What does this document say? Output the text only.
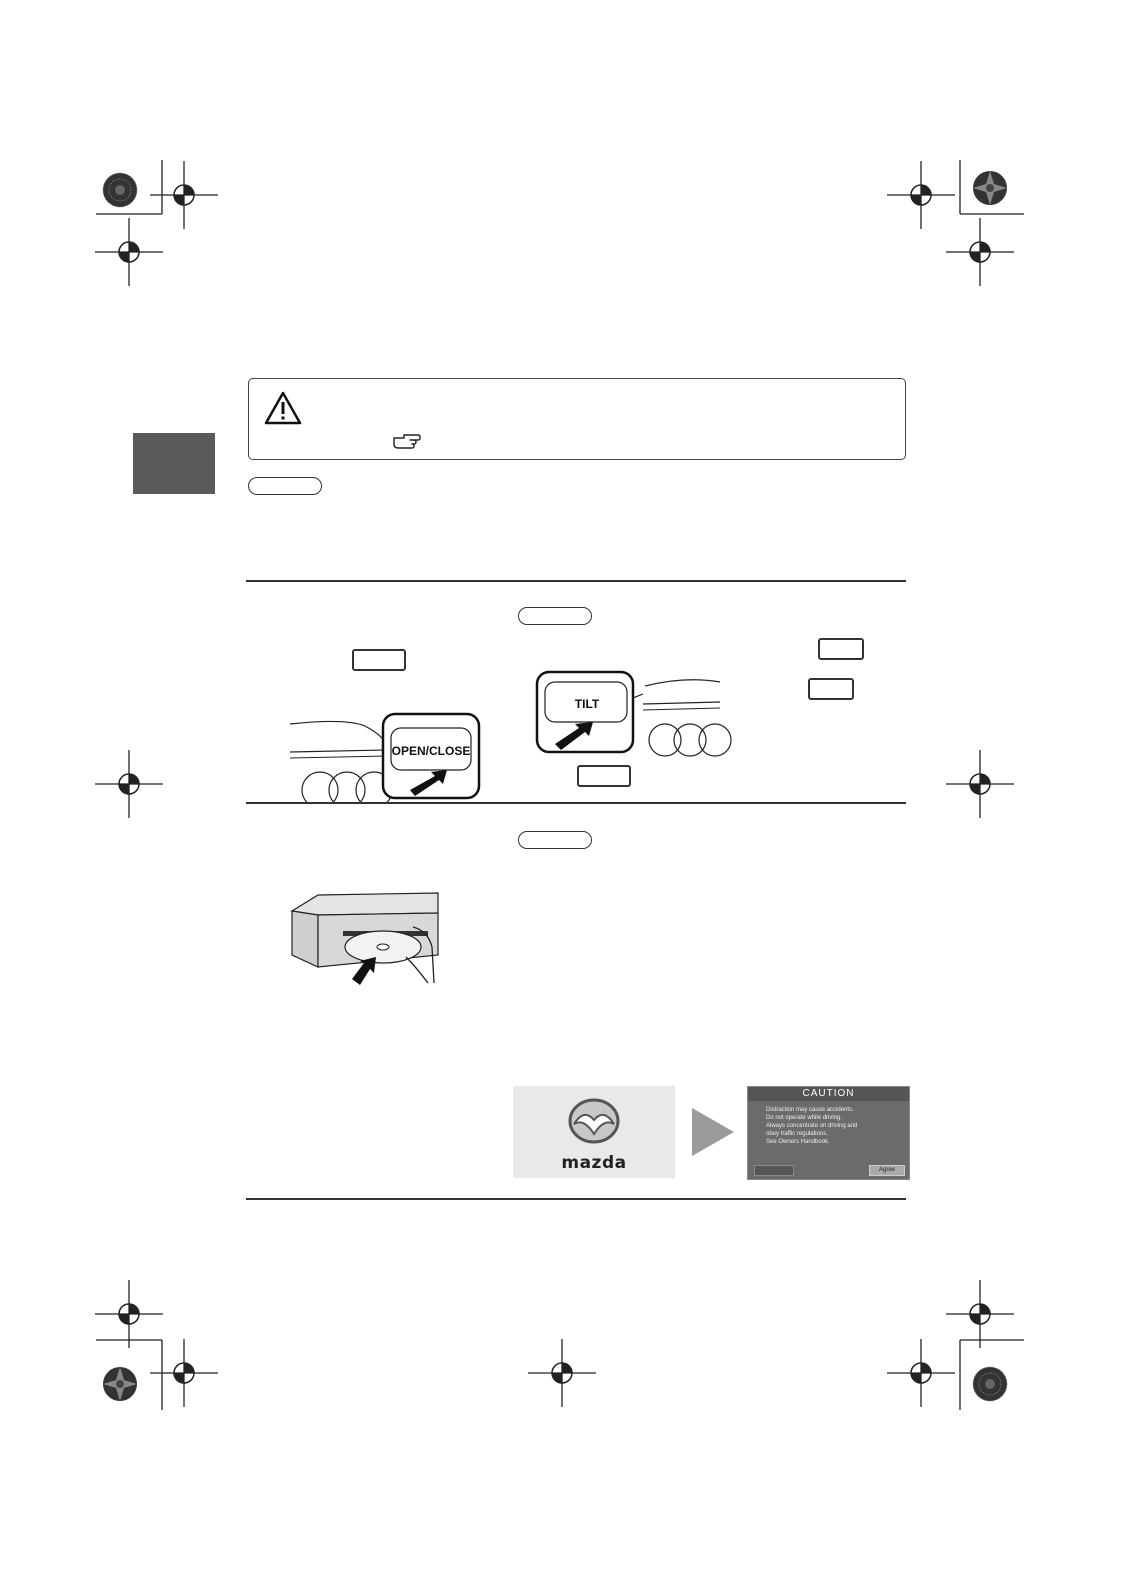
OPEN/CLOSE
TILT
mazda
CAUTION
Distraction may cause accidents.
Do not operate while driving.
Always concentrate on driving and
obey traffic regulations.
See Owners Handbook.
Agree
